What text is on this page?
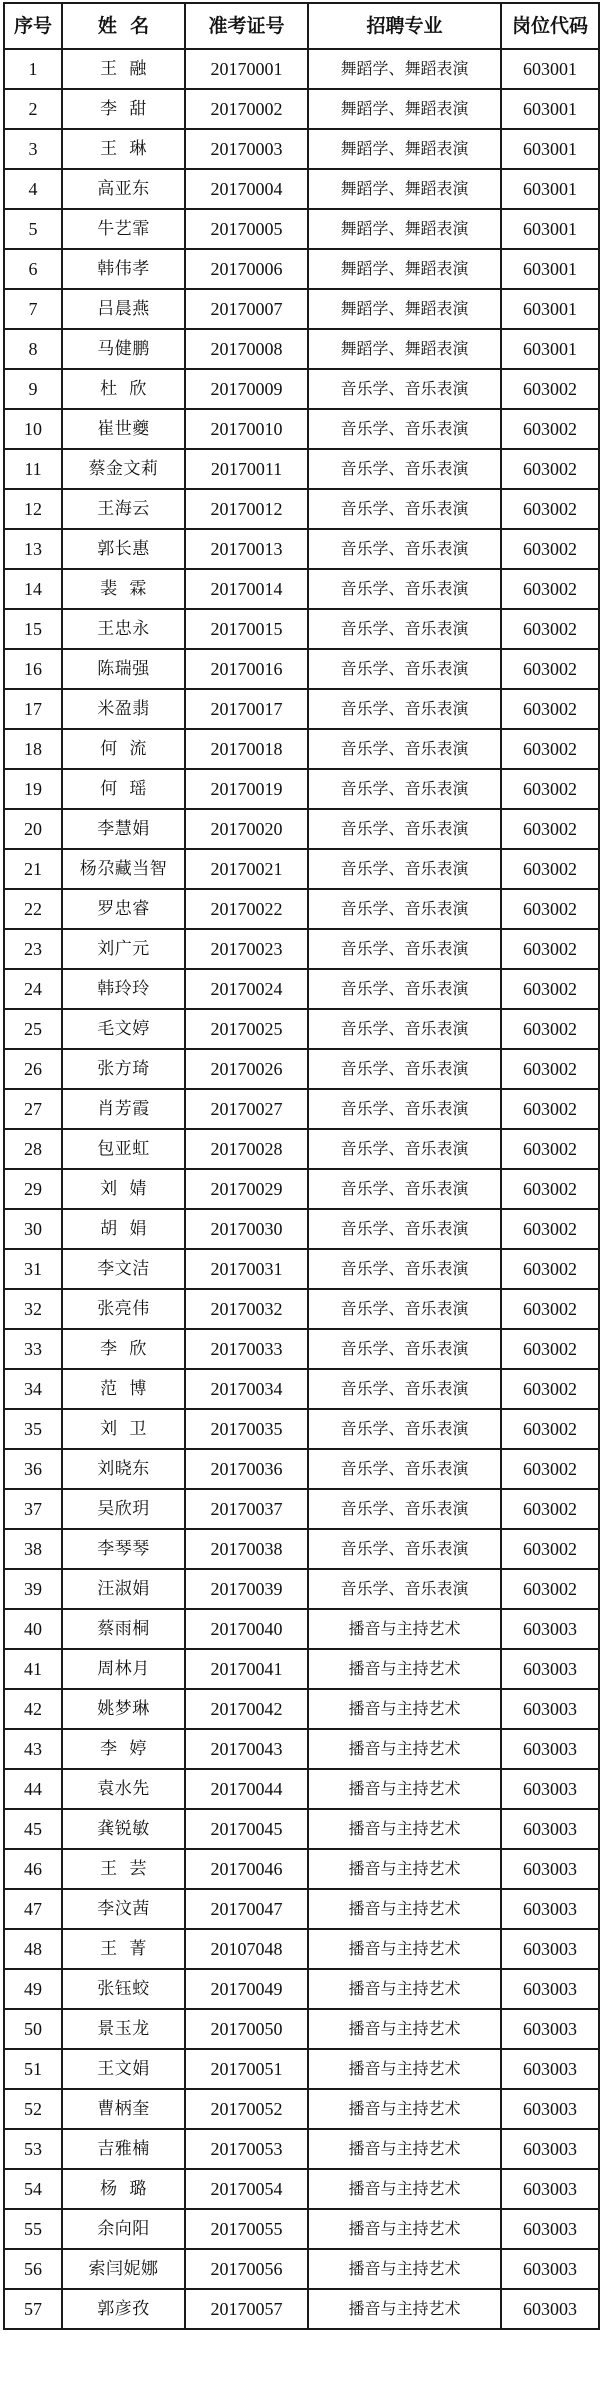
序号	姓  名	准考证号	招聘专业	岗位代码
1	王  融	20170001	舞蹈学、舞蹈表演	603001
2	李  甜	20170002	舞蹈学、舞蹈表演	603001
3	王  琳	20170003	舞蹈学、舞蹈表演	603001
4	高亚东	20170004	舞蹈学、舞蹈表演	603001
5	牛艺霏	20170005	舞蹈学、舞蹈表演	603001
6	韩伟孝	20170006	舞蹈学、舞蹈表演	603001
7	吕晨燕	20170007	舞蹈学、舞蹈表演	603001
8	马健鹏	20170008	舞蹈学、舞蹈表演	603001
9	杜  欣	20170009	音乐学、音乐表演	603002
10	崔世夔	20170010	音乐学、音乐表演	603002
11	蔡金文莉	20170011	音乐学、音乐表演	603002
12	王海云	20170012	音乐学、音乐表演	603002
13	郭长惠	20170013	音乐学、音乐表演	603002
14	裴  霖	20170014	音乐学、音乐表演	603002
15	王忠永	20170015	音乐学、音乐表演	603002
16	陈瑞强	20170016	音乐学、音乐表演	603002
17	米盈翡	20170017	音乐学、音乐表演	603002
18	何  流	20170018	音乐学、音乐表演	603002
19	何  瑶	20170019	音乐学、音乐表演	603002
20	李慧娟	20170020	音乐学、音乐表演	603002
21	杨尕藏当智	20170021	音乐学、音乐表演	603002
22	罗忠睿	20170022	音乐学、音乐表演	603002
23	刘广元	20170023	音乐学、音乐表演	603002
24	韩玲玲	20170024	音乐学、音乐表演	603002
25	毛文婷	20170025	音乐学、音乐表演	603002
26	张方琦	20170026	音乐学、音乐表演	603002
27	肖芳霞	20170027	音乐学、音乐表演	603002
28	包亚虹	20170028	音乐学、音乐表演	603002
29	刘  婧	20170029	音乐学、音乐表演	603002
30	胡  娟	20170030	音乐学、音乐表演	603002
31	李文洁	20170031	音乐学、音乐表演	603002
32	张亮伟	20170032	音乐学、音乐表演	603002
33	李  欣	20170033	音乐学、音乐表演	603002
34	范  博	20170034	音乐学、音乐表演	603002
35	刘  卫	20170035	音乐学、音乐表演	603002
36	刘晓东	20170036	音乐学、音乐表演	603002
37	吴欣玥	20170037	音乐学、音乐表演	603002
38	李琴琴	20170038	音乐学、音乐表演	603002
39	汪淑娟	20170039	音乐学、音乐表演	603002
40	蔡雨桐	20170040	播音与主持艺术	603003
41	周林月	20170041	播音与主持艺术	603003
42	姚梦琳	20170042	播音与主持艺术	603003
43	李  婷	20170043	播音与主持艺术	603003
44	袁水先	20170044	播音与主持艺术	603003
45	龚锐敏	20170045	播音与主持艺术	603003
46	王  芸	20170046	播音与主持艺术	603003
47	李汶茜	20170047	播音与主持艺术	603003
48	王  菁	20107048	播音与主持艺术	603003
49	张钰蛟	20170049	播音与主持艺术	603003
50	景玉龙	20170050	播音与主持艺术	603003
51	王文娟	20170051	播音与主持艺术	603003
52	曹柄奎	20170052	播音与主持艺术	603003
53	吉雅楠	20170053	播音与主持艺术	603003
54	杨  璐	20170054	播音与主持艺术	603003
55	余向阳	20170055	播音与主持艺术	603003
56	索闫妮娜	20170056	播音与主持艺术	603003
57	郭彦孜	20170057	播音与主持艺术	603003
